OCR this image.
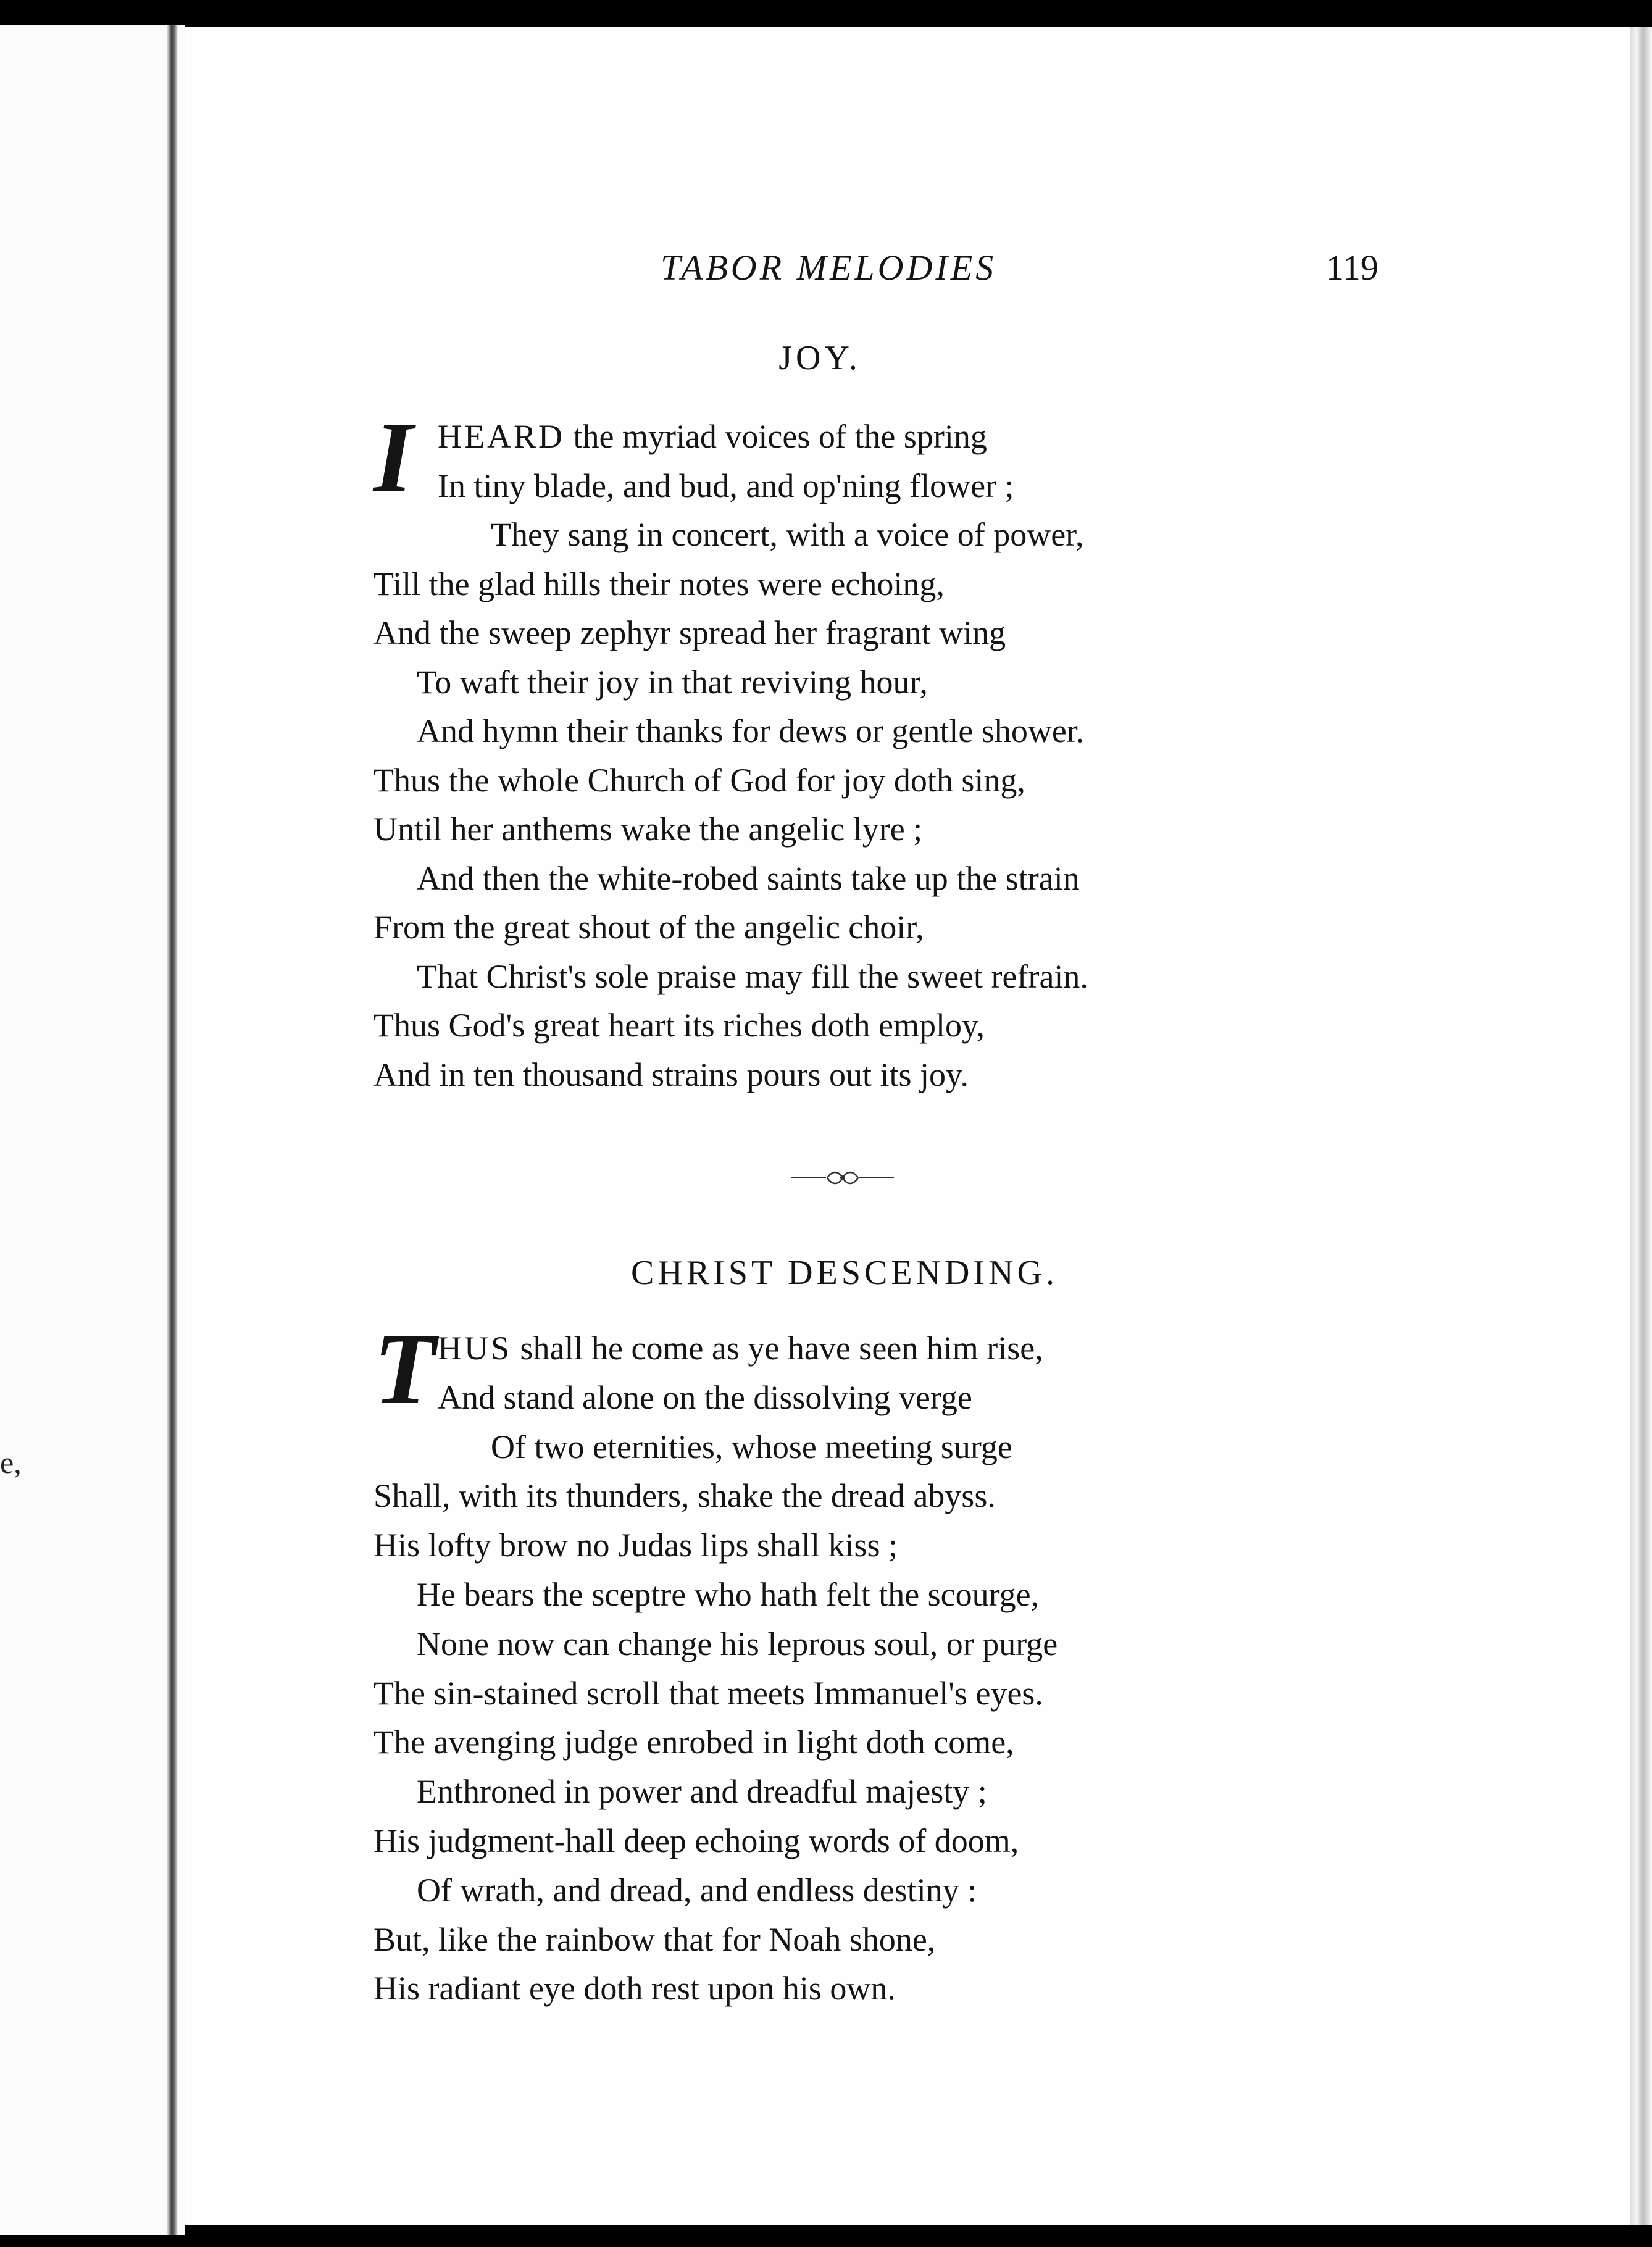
e,
TABOR MELODIES	119
JOY.
I HEARD the myriad voices of the spring
In tiny blade, and bud, and op'ning flower ;
They sang in concert, with a voice of power,
Till the glad hills their notes were echoing,
And the sweep zephyr spread her fragrant wing
To waft their joy in that reviving hour,
And hymn their thanks for dews or gentle shower.
Thus the whole Church of God for joy doth sing,
Until her anthems wake the angelic lyre ;
And then the white-robed saints take up the strain
From the great shout of the angelic choir,
That Christ's sole praise may fill the sweet refrain.
Thus God's great heart its riches doth employ,
And in ten thousand strains pours out its joy.
CHRIST DESCENDING.
T HUS shall he come as ye have seen him rise,
And stand alone on the dissolving verge
Of two eternities, whose meeting surge
Shall, with its thunders, shake the dread abyss.
His lofty brow no Judas lips shall kiss ;
He bears the sceptre who hath felt the scourge,
None now can change his leprous soul, or purge
The sin-stained scroll that meets Immanuel's eyes.
The avenging judge enrobed in light doth come,
Enthroned in power and dreadful majesty ;
His judgment-hall deep echoing words of doom,
Of wrath, and dread, and endless destiny :
But, like the rainbow that for Noah shone,
His radiant eye doth rest upon his own.
